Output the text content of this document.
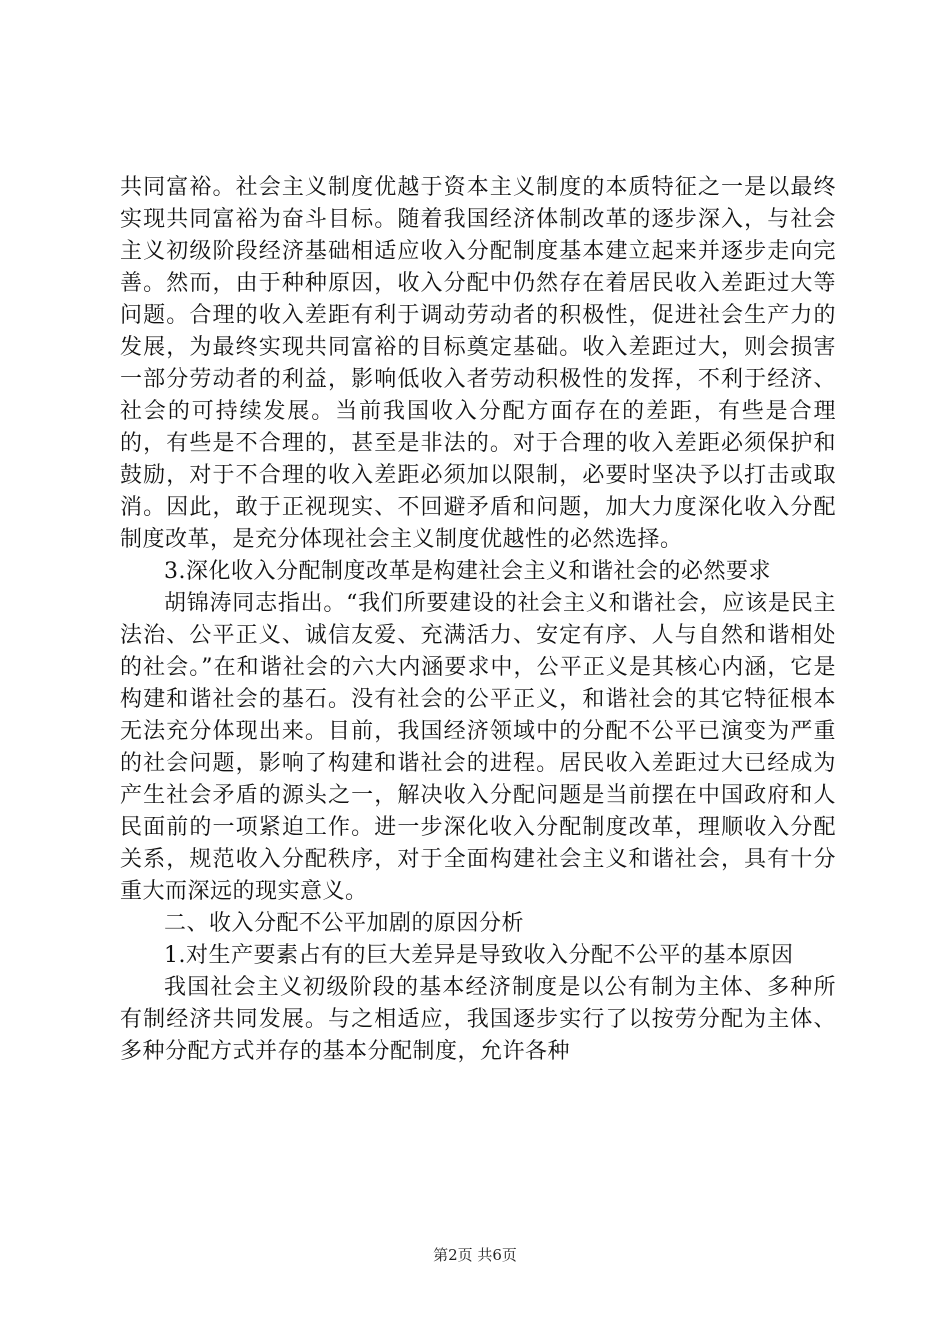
共同富裕。社会主义制度优越于资本主义制度的本质特征之一是以最终实现共同富裕为奋斗目标。随着我国经济体制改革的逐步深入，与社会主义初级阶段经济基础相适应收入分配制度基本建立起来并逐步走向完善。然而，由于种种原因，收入分配中仍然存在着居民收入差距过大等问题。合理的收入差距有利于调动劳动者的积极性，促进社会生产力的发展，为最终实现共同富裕的目标奠定基础。收入差距过大，则会损害一部分劳动者的利益，影响低收入者劳动积极性的发挥，不利于经济、社会的可持续发展。当前我国收入分配方面存在的差距，有些是合理的，有些是不合理的，甚至是非法的。对于合理的收入差距必须保护和鼓励，对于不合理的收入差距必须加以限制，必要时坚决予以打击或取消。因此，敢于正视现实、不回避矛盾和问题，加大力度深化收入分配制度改革，是充分体现社会主义制度优越性的必然选择。

3.深化收入分配制度改革是构建社会主义和谐社会的必然要求

胡锦涛同志指出。“我们所要建设的社会主义和谐社会，应该是民主法治、公平正义、诚信友爱、充满活力、安定有序、人与自然和谐相处的社会。”在和谐社会的六大内涵要求中，公平正义是其核心内涵，它是构建和谐社会的基石。没有社会的公平正义，和谐社会的其它特征根本无法充分体现出来。目前，我国经济领域中的分配不公平已演变为严重的社会问题，影响了构建和谐社会的进程。居民收入差距过大已经成为产生社会矛盾的源头之一，解决收入分配问题是当前摆在中国政府和人民面前的一项紧迫工作。进一步深化收入分配制度改革，理顺收入分配关系，规范收入分配秩序，对于全面构建社会主义和谐社会，具有十分重大而深远的现实意义。

二、收入分配不公平加剧的原因分析

1.对生产要素占有的巨大差异是导致收入分配不公平的基本原因

我国社会主义初级阶段的基本经济制度是以公有制为主体、多种所有制经济共同发展。与之相适应，我国逐步实行了以按劳分配为主体、多种分配方式并存的基本分配制度，允许各种

第2页 共6页
